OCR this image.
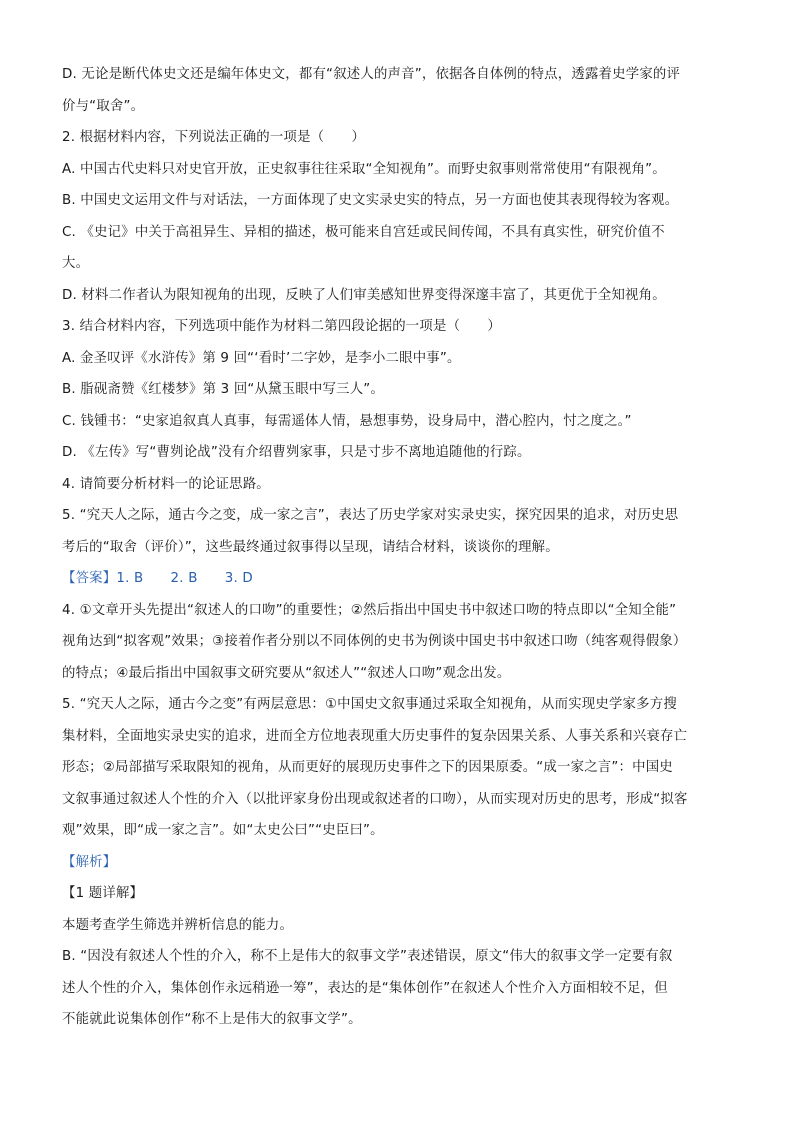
D. 无论是断代体史文还是编年体史文，都有“叙述人的声音”，依据各自体例的特点，透露着史学家的评
价与“取舍”。
2. 根据材料内容，下列说法正确的一项是（　　）
A. 中国古代史料只对史官开放，正史叙事往往采取“全知视角”。而野史叙事则常常使用“有限视角”。
B. 中国史文运用文件与对话法，一方面体现了史文实录史实的特点，另一方面也使其表现得较为客观。
C. 《史记》中关于高祖异生、异相的描述，极可能来自宫廷或民间传闻，不具有真实性，研究价值不
大。
D. 材料二作者认为限知视角的出现，反映了人们审美感知世界变得深邃丰富了，其更优于全知视角。
3. 结合材料内容，下列选项中能作为材料二第四段论据的一项是（　　）
A. 金圣叹评《水浒传》第 9 回“‘看时’二字妙，是李小二眼中事”。
B. 脂砚斋赞《红楼梦》第 3 回“从黛玉眼中写三人”。
C. 钱锺书：“史家追叙真人真事，每需遥体人情，悬想事势，设身局中，潜心腔内，忖之度之。”
D. 《左传》写“曹刿论战”没有介绍曹刿家事，只是寸步不离地追随他的行踪。
4. 请简要分析材料一的论证思路。
5. “究天人之际，通古今之变，成一家之言”，表达了历史学家对实录史实，探究因果的追求，对历史思
考后的“取舍（评价）”，这些最终通过叙事得以呈现，请结合材料，谈谈你的理解。
【答案】1. B　　2. B　　3. D
4. ①文章开头先提出“叙述人的口吻”的重要性；②然后指出中国史书中叙述口吻的特点即以“全知全能”
视角达到“拟客观”效果；③接着作者分别以不同体例的史书为例谈中国史书中叙述口吻（纯客观得假象）
的特点；④最后指出中国叙事文研究要从“叙述人”“叙述人口吻”观念出发。
5. “究天人之际，通古今之变”有两层意思：①中国史文叙事通过采取全知视角，从而实现史学家多方搜
集材料，全面地实录史实的追求，进而全方位地表现重大历史事件的复杂因果关系、人事关系和兴衰存亡
形态；②局部描写采取限知的视角，从而更好的展现历史事件之下的因果原委。“成一家之言”：中国史
文叙事通过叙述人个性的介入（以批评家身份出现或叙述者的口吻），从而实现对历史的思考，形成“拟客
观”效果，即“成一家之言”。如“太史公曰”“史臣曰”。
【解析】
【1 题详解】
本题考查学生筛选并辨析信息的能力。
B. “因没有叙述人个性的介入，称不上是伟大的叙事文学”表述错误，原文“伟大的叙事文学一定要有叙
述人个性的介入，集体创作永远稍逊一筹”，表达的是“集体创作”在叙述人个性介入方面相较不足，但
不能就此说集体创作“称不上是伟大的叙事文学”。
